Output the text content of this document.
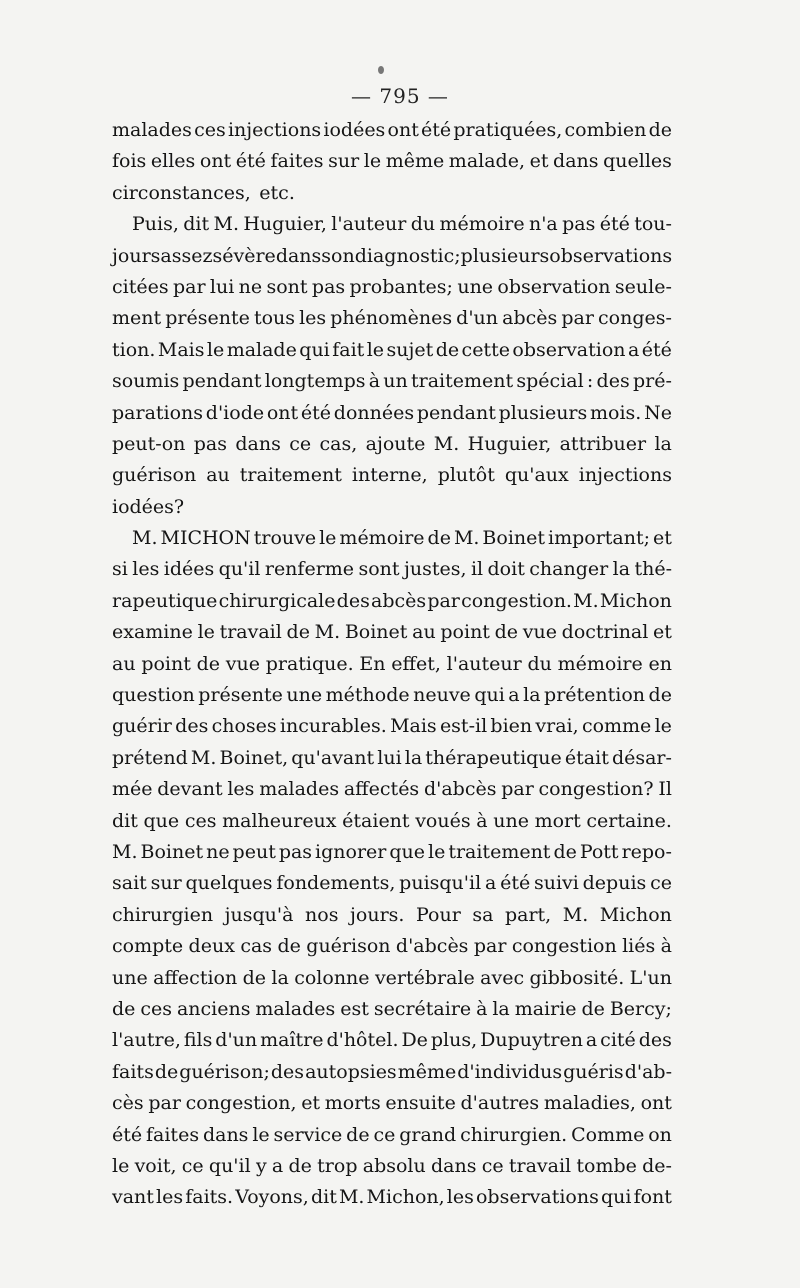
— 795 —
malades ces injections iodées ont été pratiquées, combien de
fois elles ont été faites sur le même malade, et dans quelles
circonstances, etc.
Puis, dit M. Huguier, l'auteur du mémoire n'a pas été tou-
jours assez sévère dans son diagnostic; plusieurs observations
citées par lui ne sont pas probantes; une observation seule-
ment présente tous les phénomènes d'un abcès par conges-
tion. Mais le malade qui fait le sujet de cette observation a été
soumis pendant longtemps à un traitement spécial : des pré-
parations d'iode ont été données pendant plusieurs mois. Ne
peut-on pas dans ce cas, ajoute M. Huguier, attribuer la
guérison au traitement interne, plutôt qu'aux injections
iodées?
M. MICHON trouve le mémoire de M. Boinet important; et
si les idées qu'il renferme sont justes, il doit changer la thé-
rapeutique chirurgicale des abcès par congestion. M. Michon
examine le travail de M. Boinet au point de vue doctrinal et
au point de vue pratique. En effet, l'auteur du mémoire en
question présente une méthode neuve qui a la prétention de
guérir des choses incurables. Mais est-il bien vrai, comme le
prétend M. Boinet, qu'avant lui la thérapeutique était désar-
mée devant les malades affectés d'abcès par congestion? Il
dit que ces malheureux étaient voués à une mort certaine.
M. Boinet ne peut pas ignorer que le traitement de Pott repo-
sait sur quelques fondements, puisqu'il a été suivi depuis ce
chirurgien jusqu'à nos jours. Pour sa part, M. Michon
compte deux cas de guérison d'abcès par congestion liés à
une affection de la colonne vertébrale avec gibbosité. L'un
de ces anciens malades est secrétaire à la mairie de Bercy;
l'autre, fils d'un maître d'hôtel. De plus, Dupuytren a cité des
faits de guérison; des autopsies même d'individus guéris d'ab-
cès par congestion, et morts ensuite d'autres maladies, ont
été faites dans le service de ce grand chirurgien. Comme on
le voit, ce qu'il y a de trop absolu dans ce travail tombe de-
vant les faits. Voyons, dit M. Michon, les observations qui font
